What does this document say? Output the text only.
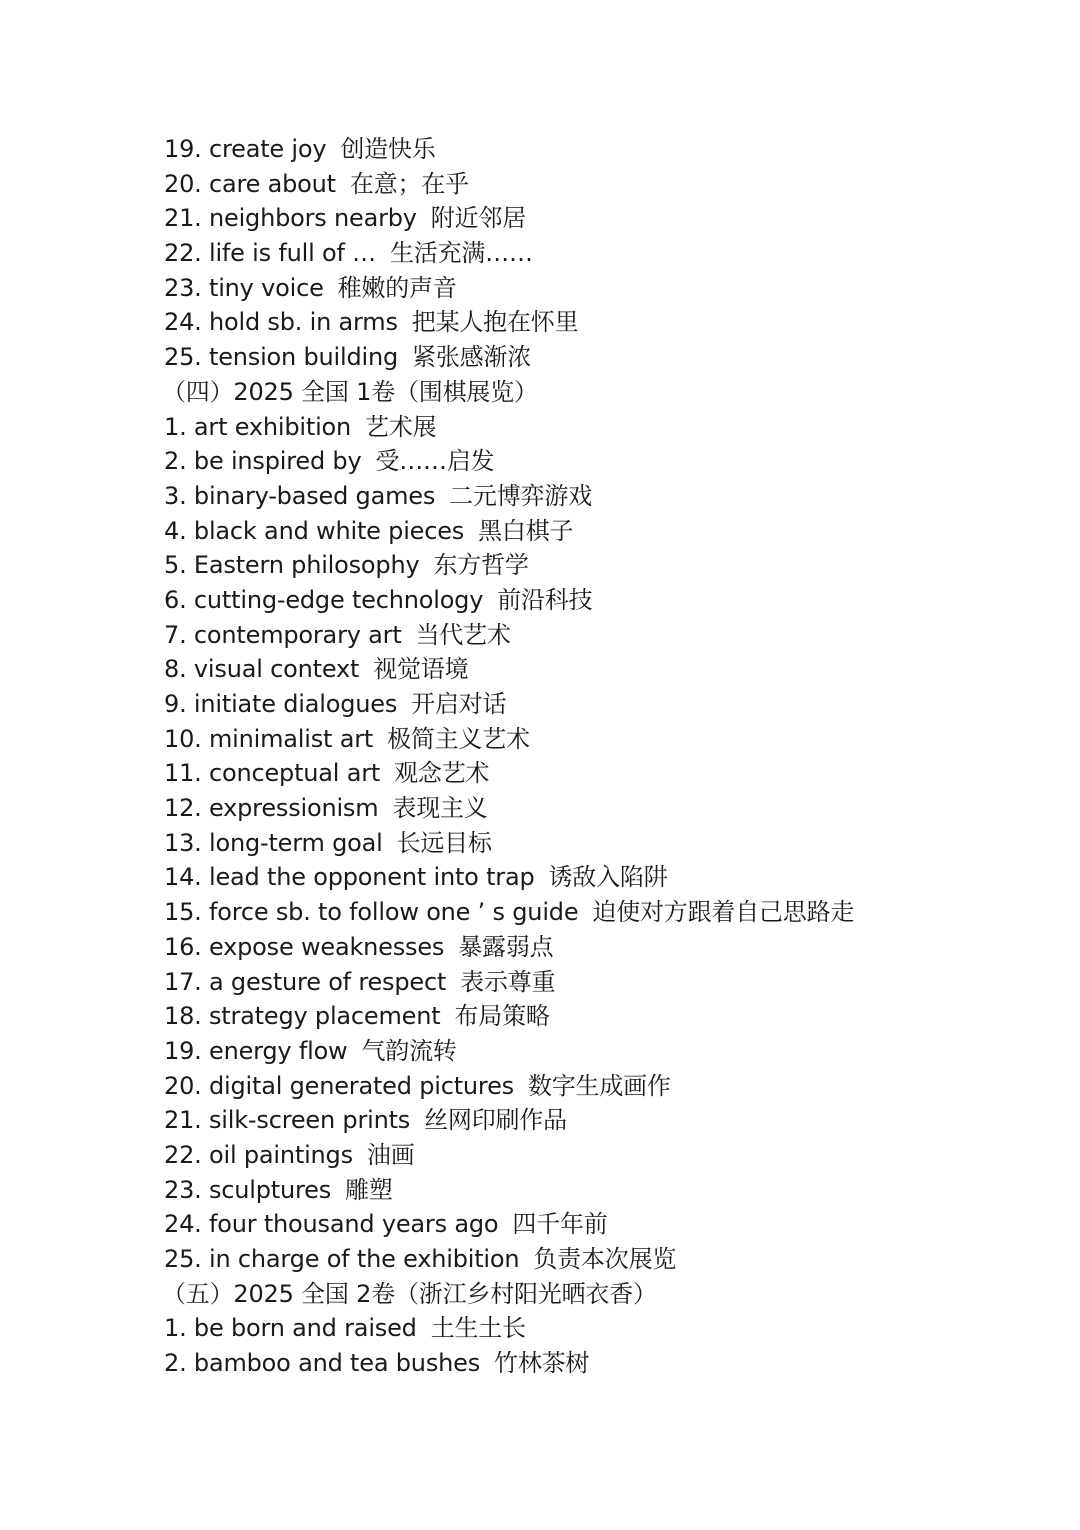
19. create joy 创造快乐
20. care about 在意；在乎
21. neighbors nearby 附近邻居
22. life is full of … 生活充满……
23. tiny voice 稚嫩的声音
24. hold sb. in arms 把某人抱在怀里
25. tension building 紧张感渐浓
（四）2025 全国 1卷（围棋展览）
1. art exhibition 艺术展
2. be inspired by 受……启发
3. binary-based games 二元博弈游戏
4. black and white pieces 黑白棋子
5. Eastern philosophy 东方哲学
6. cutting-edge technology 前沿科技
7. contemporary art 当代艺术
8. visual context 视觉语境
9. initiate dialogues 开启对话
10. minimalist art 极简主义艺术
11. conceptual art 观念艺术
12. expressionism 表现主义
13. long-term goal 长远目标
14. lead the opponent into trap 诱敌入陷阱
15. force sb. to follow one ’ s guide 迫使对方跟着自己思路走
16. expose weaknesses 暴露弱点
17. a gesture of respect 表示尊重
18. strategy placement 布局策略
19. energy flow 气韵流转
20. digital generated pictures 数字生成画作
21. silk-screen prints 丝网印刷作品
22. oil paintings 油画
23. sculptures 雕塑
24. four thousand years ago 四千年前
25. in charge of the exhibition 负责本次展览
（五）2025 全国 2卷（浙江乡村阳光晒衣香）
1. be born and raised 土生土长
2. bamboo and tea bushes 竹林茶树
